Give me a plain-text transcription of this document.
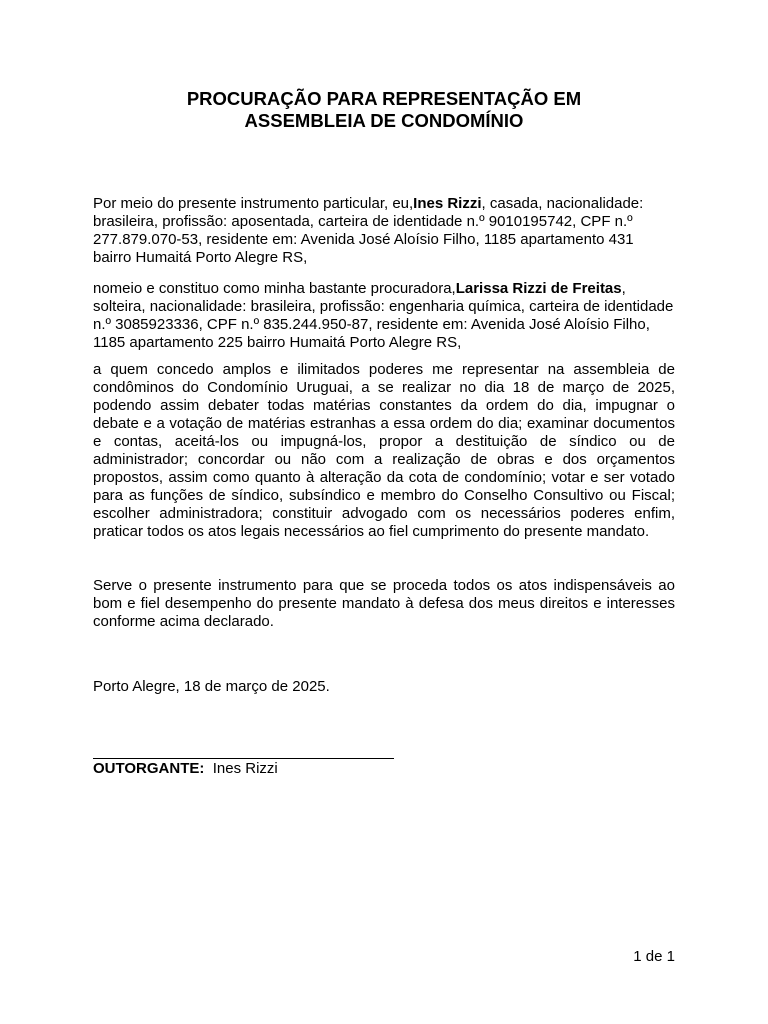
PROCURAÇÃO PARA REPRESENTAÇÃO EM
ASSEMBLEIA DE CONDOMÍNIO
Por meio do presente instrumento particular, eu,Ines Rizzi, casada, nacionalidade: brasileira, profissão: aposentada, carteira de identidade n.º 9010195742, CPF n.º 277.879.070-53, residente em: Avenida José Aloísio Filho, 1185 apartamento 431 bairro Humaitá Porto Alegre RS,
nomeio e constituo como minha bastante procuradora,Larissa Rizzi de Freitas, solteira, nacionalidade: brasileira, profissão: engenharia química, carteira de identidade n.º 3085923336, CPF n.º 835.244.950-87, residente em: Avenida José Aloísio Filho, 1185 apartamento 225 bairro Humaitá Porto Alegre RS,
a quem concedo amplos e ilimitados poderes me representar na assembleia de condôminos do Condomínio Uruguai, a se realizar no dia 18 de março de 2025, podendo assim debater todas matérias constantes da ordem do dia, impugnar o debate e a votação de matérias estranhas a essa ordem do dia; examinar documentos e contas, aceitá-los ou impugná-los, propor a destituição de síndico ou de administrador; concordar ou não com a realização de obras e dos orçamentos propostos, assim como quanto à alteração da cota de condomínio; votar e ser votado para as funções de síndico, subsíndico e membro do Conselho Consultivo ou Fiscal; escolher administradora; constituir advogado com os necessários poderes enfim, praticar todos os atos legais necessários ao fiel cumprimento do presente mandato.
Serve o presente instrumento para que se proceda todos os atos indispensáveis ao bom e fiel desempenho do presente mandato à defesa dos meus direitos e interesses conforme acima declarado.
Porto Alegre, 18 de março de 2025.
OUTORGANTE: Ines Rizzi
1 de 1
